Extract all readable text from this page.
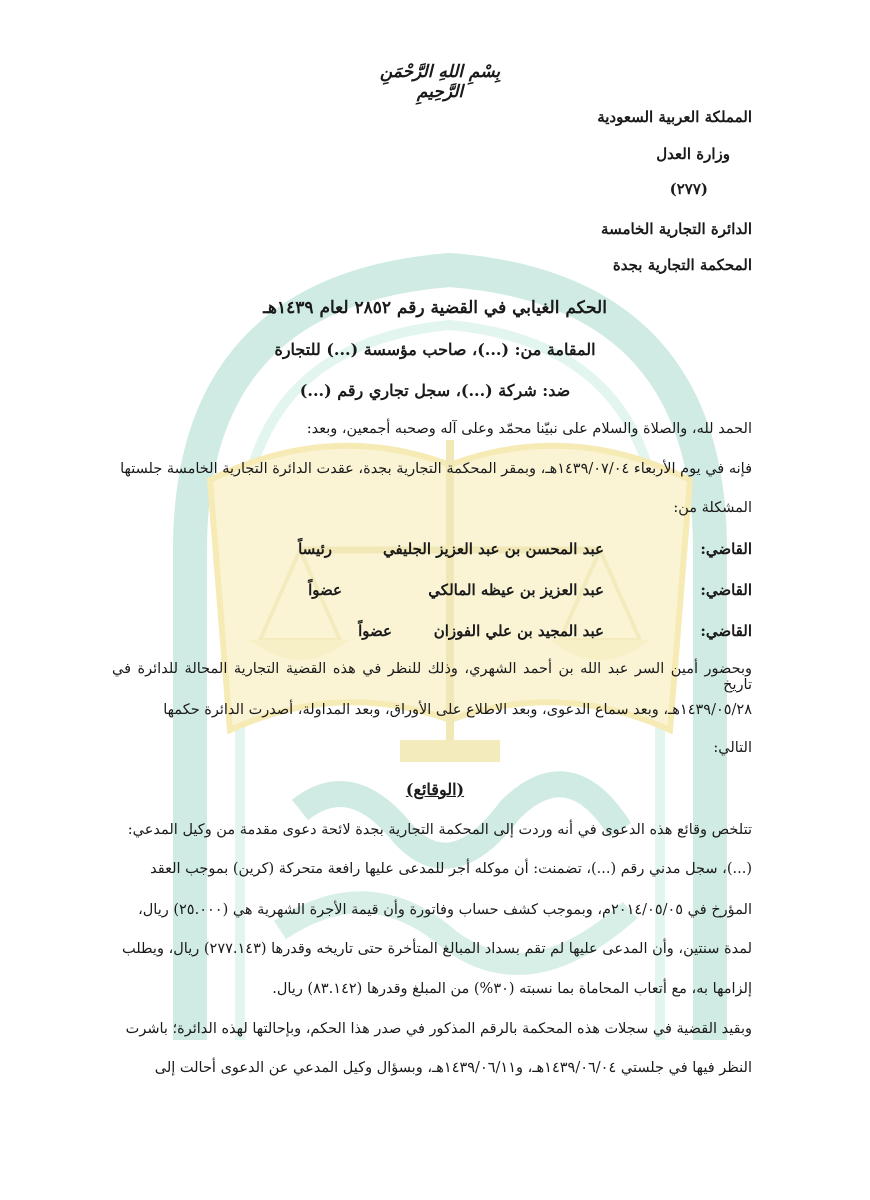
بِسْمِ اللهِ الرَّحْمَنِ الرَّحِيمِ
المملكة العربية السعودية
وزارة العدل
(٢٧٧)
الدائرة التجارية الخامسة
المحكمة التجارية بجدة
الحكم الغيابي في القضية رقم ٢٨٥٢ لعام ١٤٣٩هـ
المقامة من: (...)، صاحب مؤسسة (...) للتجارة
ضد: شركة (...)، سجل تجاري رقم (...)
الحمد لله، والصلاة والسلام على نبيّنا محمّد وعلى آله وصحبه أجمعين، وبعد:
فإنه في يوم الأربعاء ١٤٣٩/٠٧/٠٤هـ، وبمقر المحكمة التجارية بجدة، عقدت الدائرة التجارية الخامسة جلستها
المشكلة من:
القاضي:
عبد المحسن بن عبد العزيز الجليفي
رئيساً
القاضي:
عبد العزيز بن عيظه المالكي
عضواً
القاضي:
عبد المجيد بن علي الفوزان
عضواً
وبحضور أمين السر عبد الله بن أحمد الشهري، وذلك للنظر في هذه القضية التجارية المحالة للدائرة في تاريخ
١٤٣٩/٠٥/٢٨هـ، وبعد سماع الدعوى، وبعد الاطلاع على الأوراق، وبعد المداولة، أصدرت الدائرة حكمها
التالي:
(الوقائع)
تتلخص وقائع هذه الدعوى في أنه وردت إلى المحكمة التجارية بجدة لائحة دعوى مقدمة من وكيل المدعي:
(...)، سجل مدني رقم (...)، تضمنت: أن موكله أجر للمدعى عليها رافعة متحركة (كرين) بموجب العقد
المؤرخ في ٢٠١٤/٠٥/٠٥م، وبموجب كشف حساب وفاتورة وأن قيمة الأجرة الشهرية هي (٢٥.٠٠٠) ريال،
لمدة سنتين، وأن المدعى عليها لم تقم بسداد المبالغ المتأخرة حتى تاريخه وقدرها (٢٧٧.١٤٣) ريال، ويطلب
إلزامها به، مع أتعاب المحاماة بما نسبته (٣٠%) من المبلغ وقدرها (٨٣.١٤٢) ريال.
وبقيد القضية في سجلات هذه المحكمة بالرقم المذكور في صدر هذا الحكم، وبإحالتها لهذه الدائرة؛ باشرت
النظر فيها في جلستي ١٤٣٩/٠٦/٠٤هـ، و١٤٣٩/٠٦/١١هـ، وبسؤال وكيل المدعي عن الدعوى أحالت إلى
